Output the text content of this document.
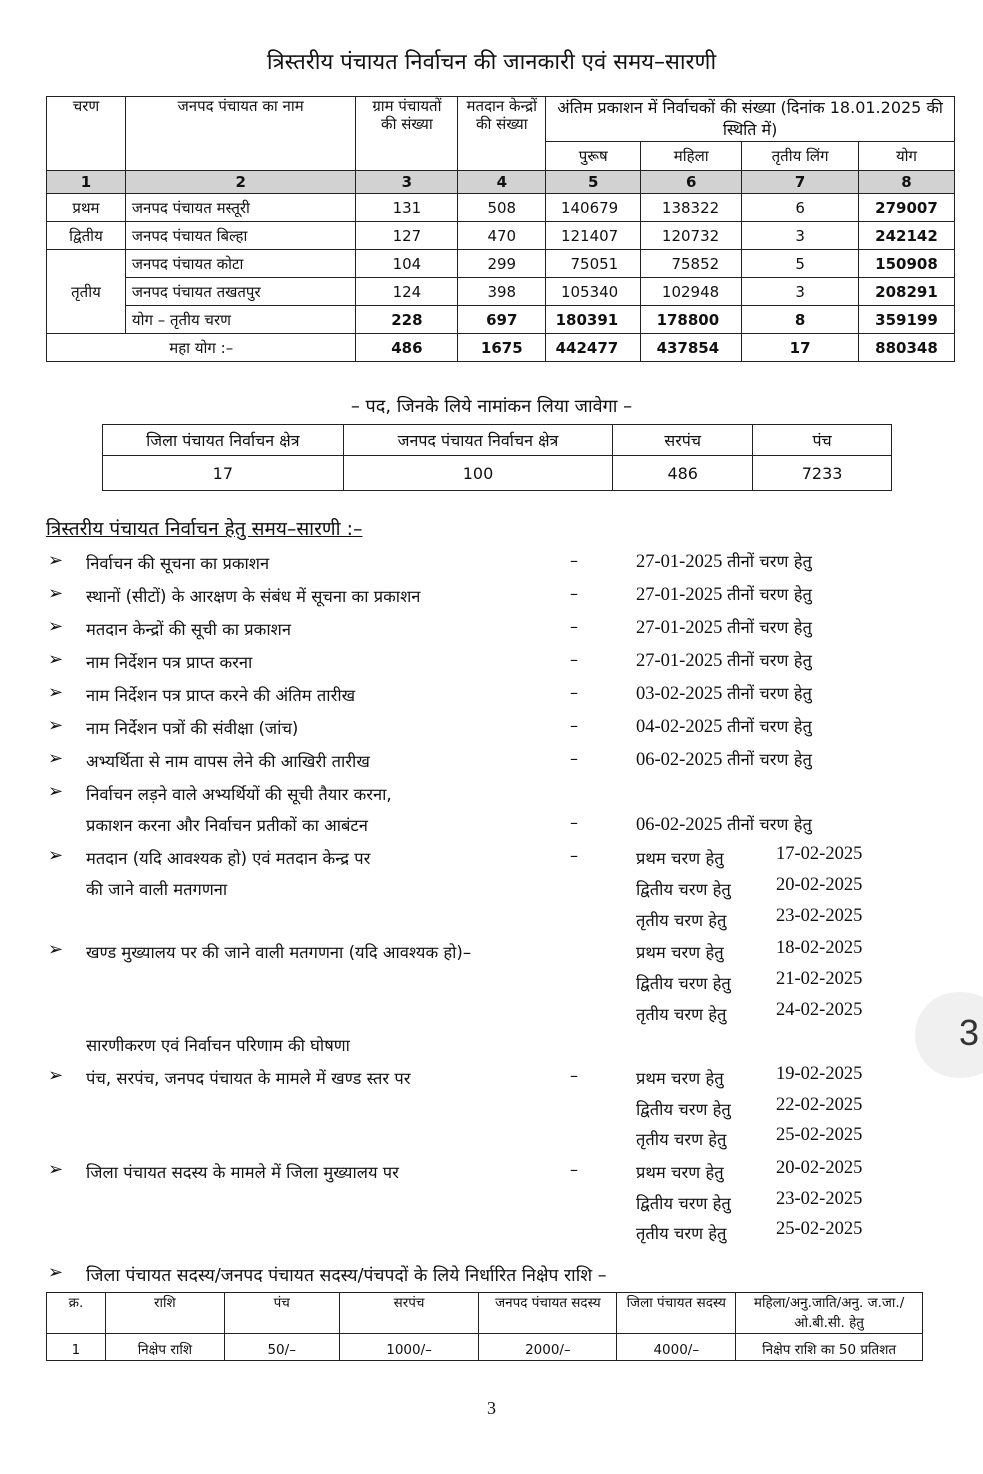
त्रिस्तरीय पंचायत निर्वाचन की जानकारी एवं समय–सारणी
चरण	जनपद पंचायत का नाम	ग्राम पंचायतों की संख्या	मतदान केन्द्रों की संख्या	अंतिम प्रकाशन में निर्वाचकों की संख्या (दिनांक 18.01.2025 की स्थिति में)			
				पुरूष	महिला	तृतीय लिंग	योग
1	2	3	4	5	6	7	8
प्रथम	जनपद पंचायत मस्तूरी	131	508	140679	138322	6	279007
द्वितीय	जनपद पंचायत बिल्हा	127	470	121407	120732	3	242142
तृतीय	जनपद पंचायत कोटा	104	299	75051	75852	5	150908
	जनपद पंचायत तखतपुर	124	398	105340	102948	3	208291
	योग – तृतीय चरण	228	697	180391	178800	8	359199
महा योग :–		486	1675	442477	437854	17	880348
– पद, जिनके लिये नामांकन लिया जावेगा –
जिला पंचायत निर्वाचन क्षेत्र	जनपद पंचायत निर्वाचन क्षेत्र	सरपंच	पंच
17	100	486	7233
त्रिस्तरीय पंचायत निर्वाचन हेतु समय–सारणी :–
➢ निर्वाचन की सूचना का प्रकाशन	–	27-01-2025 तीनों चरण हेतु
➢ स्थानों (सीटों) के आरक्षण के संबंध में सूचना का प्रकाशन	–	27-01-2025 तीनों चरण हेतु
➢ मतदान केन्द्रों की सूची का प्रकाशन	–	27-01-2025 तीनों चरण हेतु
➢ नाम निर्देशन पत्र प्राप्त करना	–	27-01-2025 तीनों चरण हेतु
➢ नाम निर्देशन पत्र प्राप्त करने की अंतिम तारीख	–	03-02-2025 तीनों चरण हेतु
➢ नाम निर्देशन पत्रों की संवीक्षा (जांच)	–	04-02-2025 तीनों चरण हेतु
➢ अभ्यर्थिता से नाम वापस लेने की आखिरी तारीख	–	06-02-2025 तीनों चरण हेतु
➢ निर्वाचन लड़ने वाले अभ्यर्थियों की सूची तैयार करना,
प्रकाशन करना और निर्वाचन प्रतीकों का आबंटन	–	06-02-2025 तीनों चरण हेतु
➢ मतदान (यदि आवश्यक हो) एवं मतदान केन्द्र पर
की जाने वाली मतगणना
–	प्रथम चरण हेतु	17-02-2025
द्वितीय चरण हेतु 20-02-2025
तृतीय चरण हेतु	23-02-2025
➢ खण्ड मुख्यालय पर की जाने वाली मतगणना (यदि आवश्यक हो)–	प्रथम चरण हेतु	18-02-2025
द्वितीय चरण हेतु 21-02-2025
तृतीय चरण हेतु	24-02-2025
सारणीकरण एवं निर्वाचन परिणाम की घोषणा
➢ पंच, सरपंच, जनपद पंचायत के मामले में खण्ड स्तर पर	–	प्रथम चरण हेतु	19-02-2025
द्वितीय चरण हेतु 22-02-2025
तृतीय चरण हेतु	25-02-2025
➢ जिला पंचायत सदस्य के मामले में जिला मुख्यालय पर	–	प्रथम चरण हेतु	20-02-2025
द्वितीय चरण हेतु 23-02-2025
तृतीय चरण हेतु	25-02-2025
➢ जिला पंचायत सदस्य/जनपद पंचायत सदस्य/पंचपदों के लिये निर्धारित निक्षेप राशि –
क्र.	राशि	पंच	सरपंच	जनपद पंचायत सदस्य	जिला पंचायत सदस्य	महिला/अनु.जाति/अनु. ज.जा./ओ.बी.सी. हेतु
1	निक्षेप राशि	50/–	1000/–	2000/–	4000/–	निक्षेप राशि का 50 प्रतिशत
3
3
